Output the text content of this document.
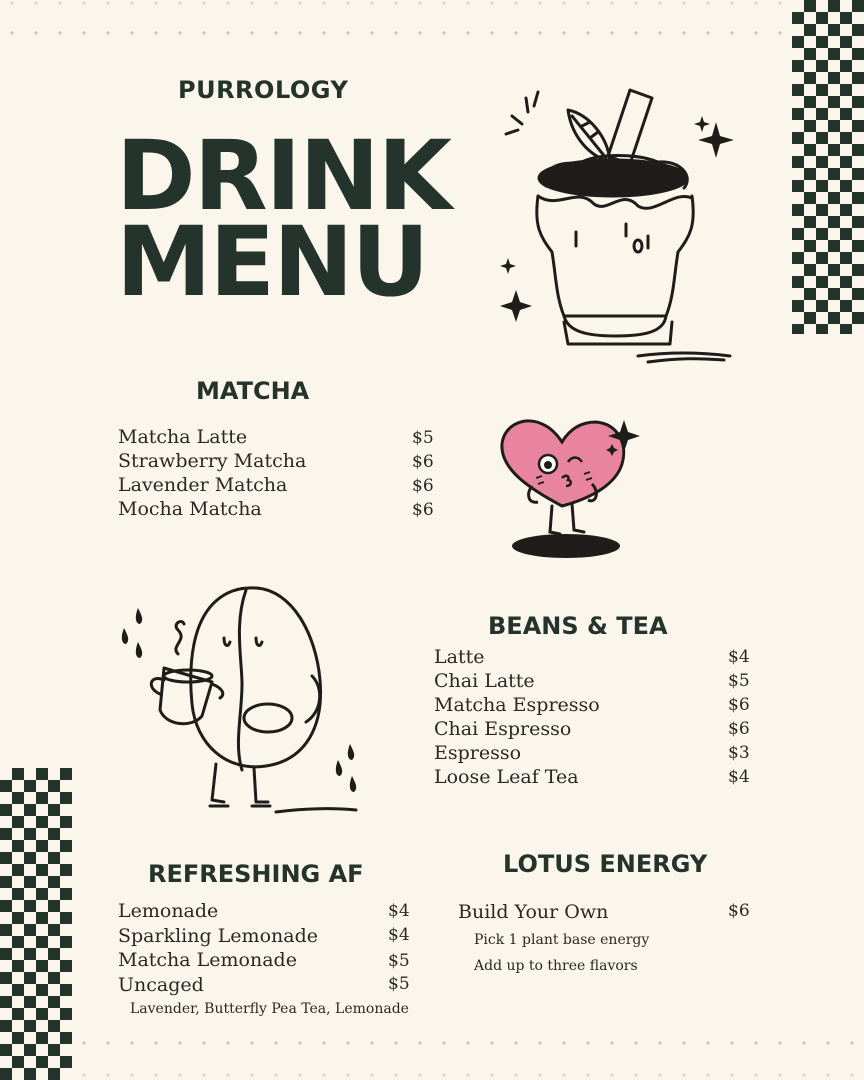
PURROLOGY
DRINK
MENU
MATCHA
Matcha Latte	$5
Strawberry Matcha	$6
Lavender Matcha	$6
Mocha Matcha	$6
BEANS & TEA
Latte	$4
Chai Latte	$5
Matcha Espresso	$6
Chai Espresso	$6
Espresso	$3
Loose Leaf Tea	$4
REFRESHING AF
Lemonade	$4
Sparkling Lemonade	$4
Matcha Lemonade	$5
Uncaged	$5
Lavender, Butterfly Pea Tea, Lemonade
LOTUS ENERGY
Build Your Own	$6
Pick 1 plant base energy
Add up to three flavors
